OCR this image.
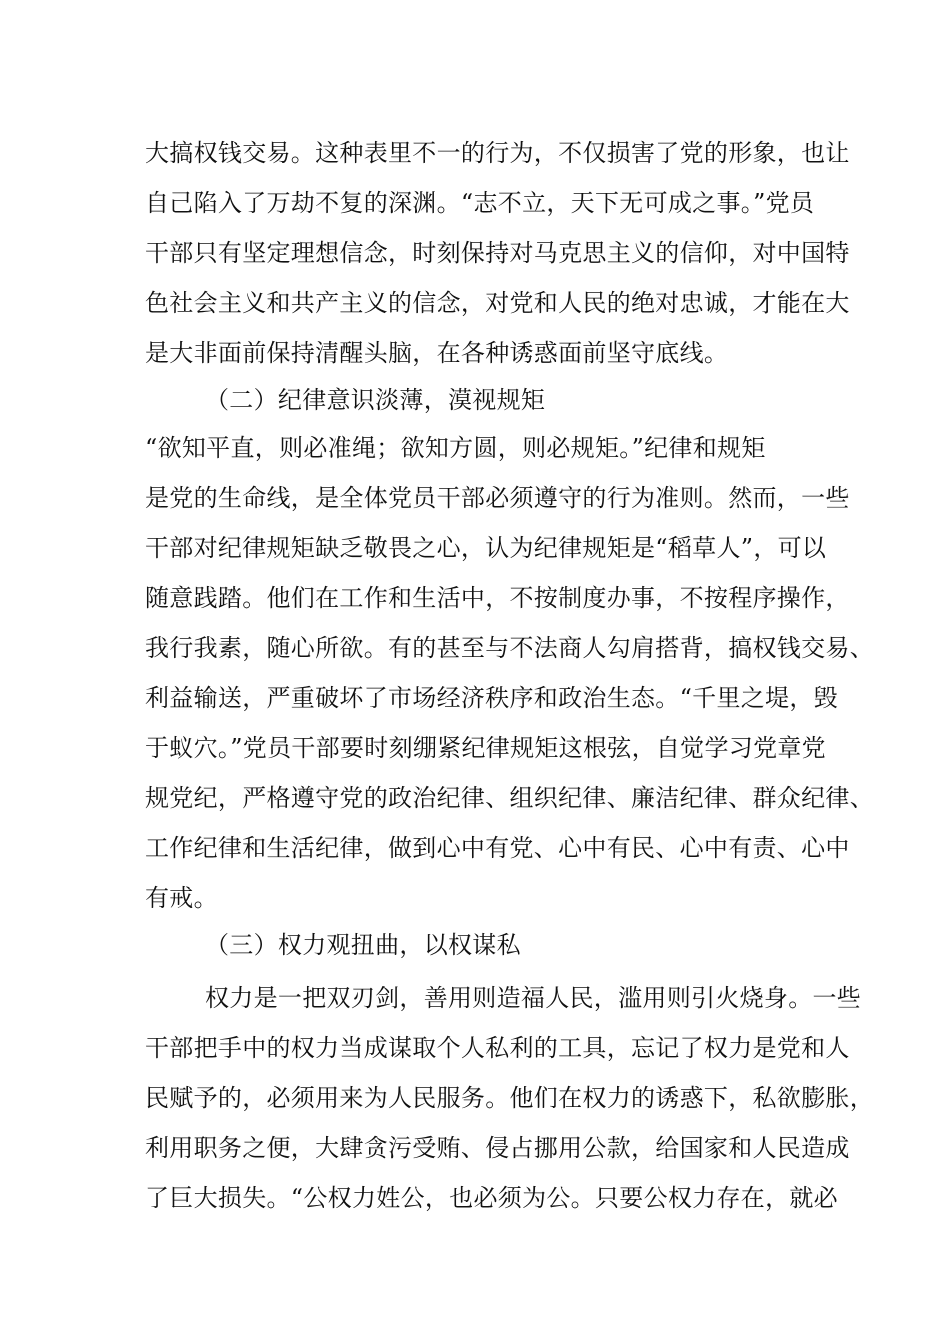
大搞权钱交易。这种表里不一的行为，不仅损害了党的形象，也让
自己陷入了万劫不复的深渊。“志不立，天下无可成之事。”党员
干部只有坚定理想信念，时刻保持对马克思主义的信仰，对中国特
色社会主义和共产主义的信念，对党和人民的绝对忠诚，才能在大
是大非面前保持清醒头脑，在各种诱惑面前坚守底线。
（二）纪律意识淡薄，漠视规矩
“欲知平直，则必准绳；欲知方圆，则必规矩。”纪律和规矩
是党的生命线，是全体党员干部必须遵守的行为准则。然而，一些
干部对纪律规矩缺乏敬畏之心，认为纪律规矩是“稻草人”，可以
随意践踏。他们在工作和生活中，不按制度办事，不按程序操作，
我行我素，随心所欲。有的甚至与不法商人勾肩搭背，搞权钱交易、
利益输送，严重破坏了市场经济秩序和政治生态。“千里之堤，毁
于蚁穴。”党员干部要时刻绷紧纪律规矩这根弦，自觉学习党章党
规党纪，严格遵守党的政治纪律、组织纪律、廉洁纪律、群众纪律、
工作纪律和生活纪律，做到心中有党、心中有民、心中有责、心中
有戒。
（三）权力观扭曲，以权谋私
权力是一把双刃剑，善用则造福人民，滥用则引火烧身。一些
干部把手中的权力当成谋取个人私利的工具，忘记了权力是党和人
民赋予的，必须用来为人民服务。他们在权力的诱惑下，私欲膨胀，
利用职务之便，大肆贪污受贿、侵占挪用公款，给国家和人民造成
了巨大损失。“公权力姓公，也必须为公。只要公权力存在，就必
